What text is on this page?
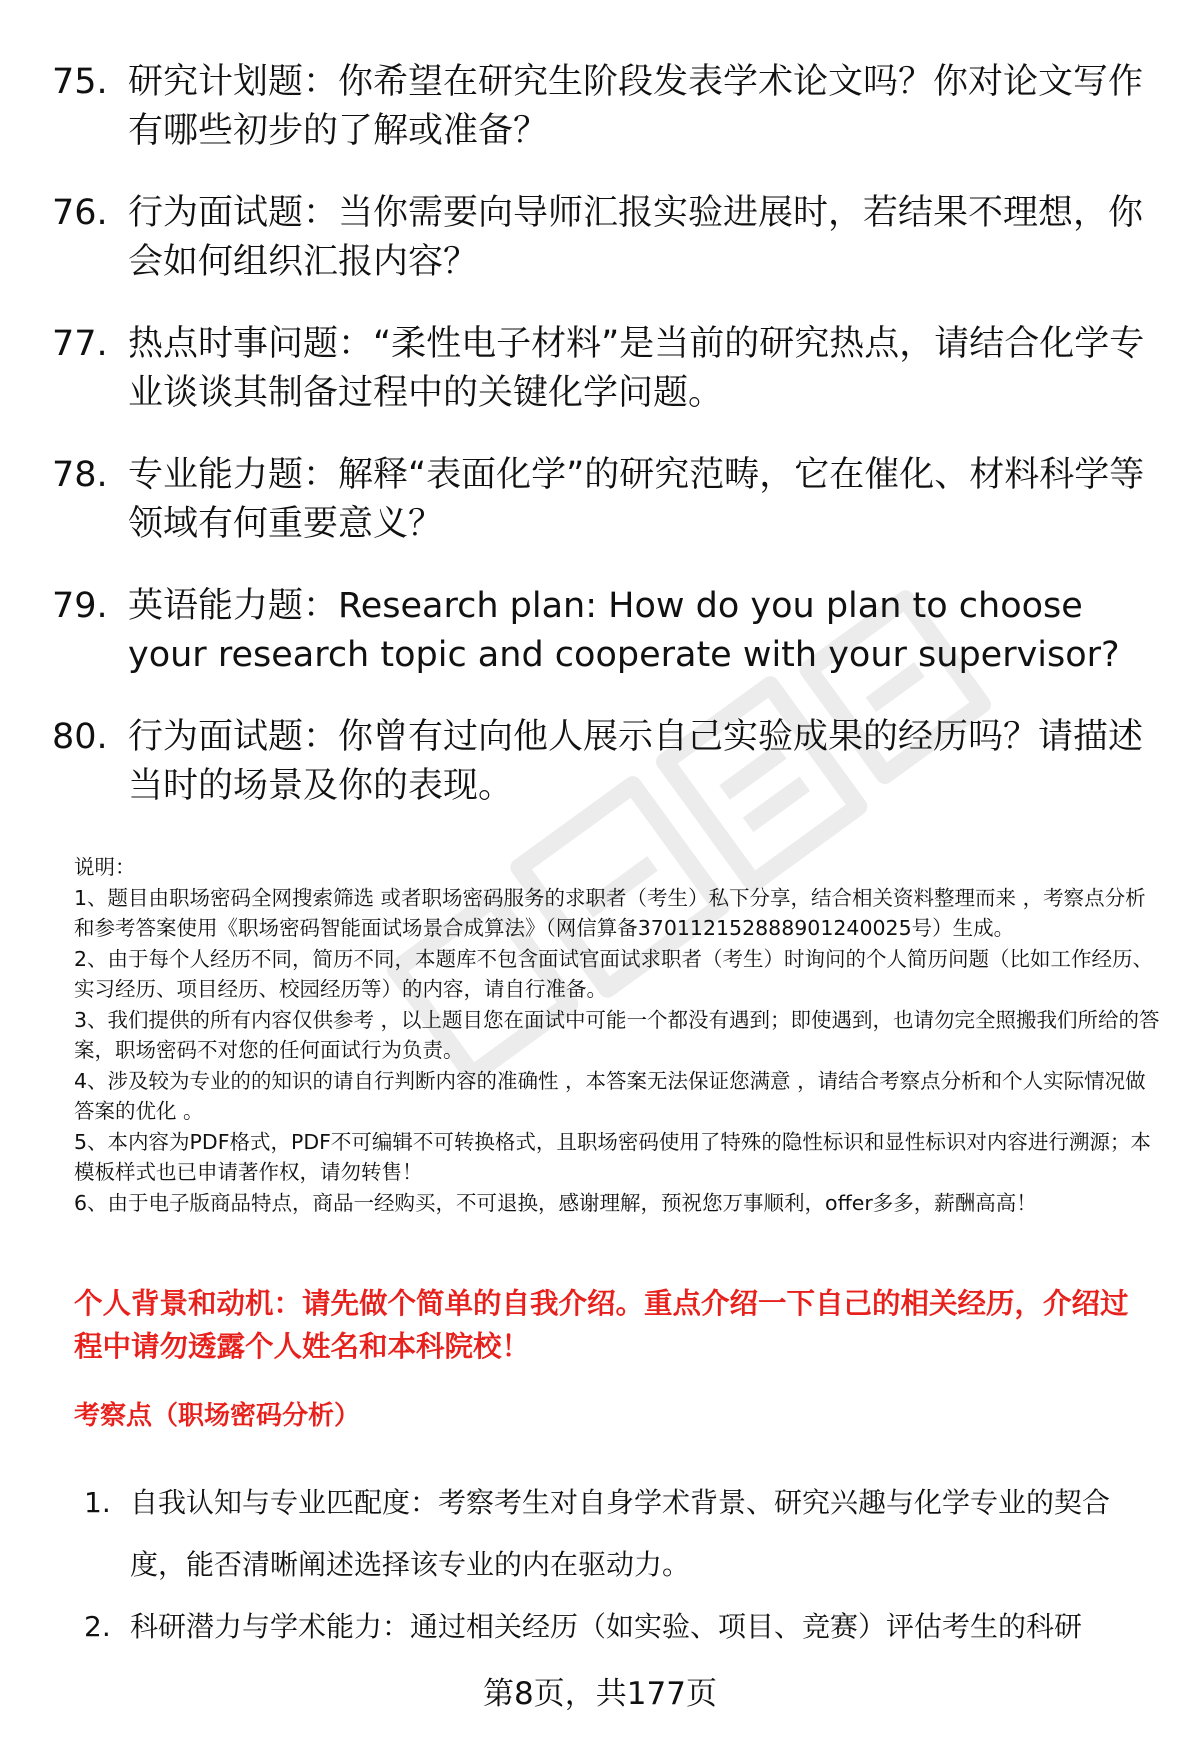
75. 研究计划题：你希望在研究生阶段发表学术论文吗？你对论文写作有哪些初步的了解或准备？
76. 行为面试题：当你需要向导师汇报实验进展时，若结果不理想，你会如何组织汇报内容？
77. 热点时事问题：“柔性电子材料”是当前的研究热点，请结合化学专业谈谈其制备过程中的关键化学问题。
78. 专业能力题：解释“表面化学”的研究范畴，它在催化、材料科学等领域有何重要意义？
79. 英语能力题：Research plan: How do you plan to choose your research topic and cooperate with your supervisor?
80. 行为面试题：你曾有过向他人展示自己实验成果的经历吗？请描述当时的场景及你的表现。
说明：
1、题目由职场密码全网搜索筛选 或者职场密码服务的求职者（考生）私下分享，结合相关资料整理而来 ，考察点分析和参考答案使用《职场密码智能面试场景合成算法》（网信算备370112152888901240025号）生成。
2、由于每个人经历不同，简历不同，本题库不包含面试官面试求职者（考生）时询问的个人简历问题（比如工作经历、实习经历、项目经历、校园经历等）的内容，请自行准备。
3、我们提供的所有内容仅供参考 ，以上题目您在面试中可能一个都没有遇到；即使遇到，也请勿完全照搬我们所给的答案，职场密码不对您的任何面试行为负责。
4、涉及较为专业的的知识的请自行判断内容的准确性 ，本答案无法保证您满意 ，请结合考察点分析和个人实际情况做答案的优化 。
5、本内容为PDF格式，PDF不可编辑不可转换格式，且职场密码使用了特殊的隐性标识和显性标识对内容进行溯源；本模板样式也已申请著作权，请勿转售！
6、由于电子版商品特点，商品一经购买，不可退换，感谢理解，预祝您万事顺利，offer多多，薪酬高高！
个人背景和动机：请先做个简单的自我介绍。重点介绍一下自己的相关经历，介绍过程中请勿透露个人姓名和本科院校！
考察点（职场密码分析）
1. 自我认知与专业匹配度：考察考生对自身学术背景、研究兴趣与化学专业的契合度，能否清晰阐述选择该专业的内在驱动力。
2. 科研潜力与学术能力：通过相关经历（如实验、项目、竞赛）评估考生的科研
第8页，共177页
